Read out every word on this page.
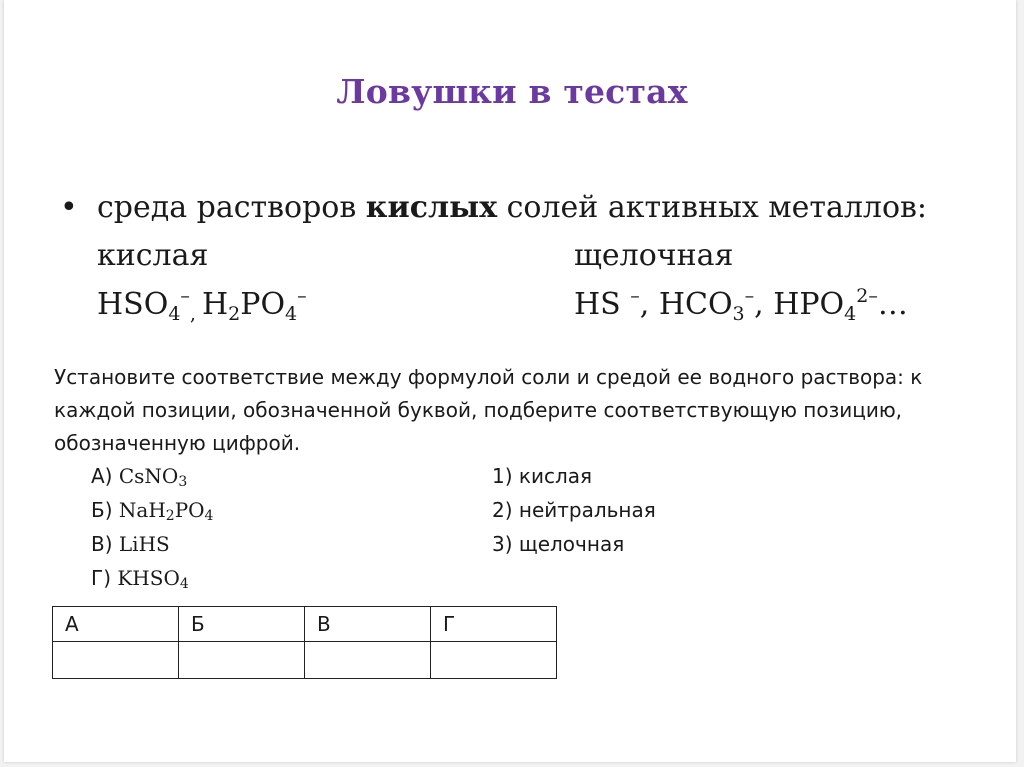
Ловушки в тестах
• среда растворов кислых солей активных металлов:
кислая	щелочная
$HSO_4^-_,$ $H_2PO_4^-$	HS –, $HCO_3^-$, $HPO_4^{2-}\dots$
Установите соответствие между формулой соли и средой ее водного раствора: к
каждой позиции, обозначенной буквой, подберите соответствующую позицию,
обозначенную цифрой.
А) CsNO$_3$
Б) $NaH_2PO_4$
В) LiHS
Г) $KHSO_4$
1) кислая
2) нейтральная
3) щелочная
А	Б	В	Г
